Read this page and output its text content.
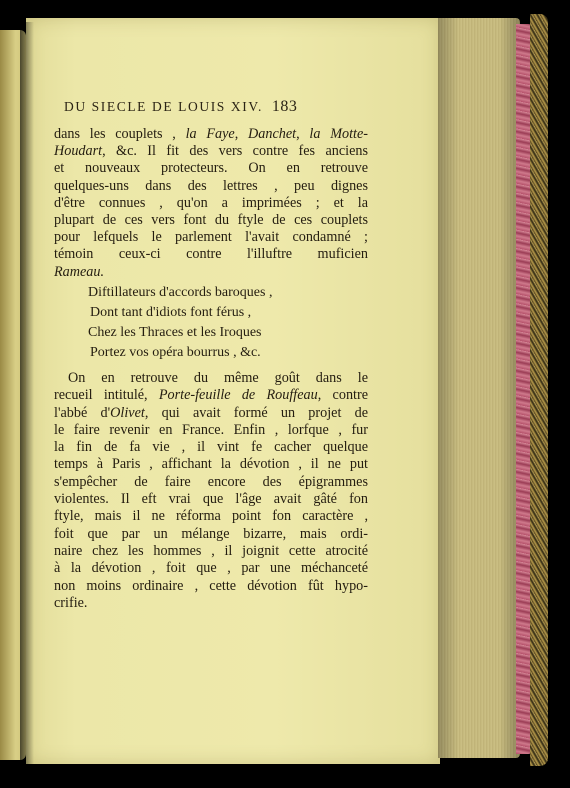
DU SIECLE DE LOUIS XIV. 183
dans les couplets , la Faye, Danchet, la Motte-
Houdart, &c. Il fit des vers contre fes anciens
et nouveaux protecteurs. On en retrouve
quelques-uns dans des lettres , peu dignes
d'être connues , qu'on a imprimées ; et la
plupart de ces vers font du ftyle de ces couplets
pour lefquels le parlement l'avait condamné ;
témoin ceux-ci contre l'illuftre muficien
Rameau.
Diftillateurs d'accords baroques ,
Dont tant d'idiots font férus ,
Chez les Thraces et les Iroques
Portez vos opéra bourrus , &c.
On en retrouve du même goût dans le
recueil intitulé, Porte-feuille de Rouffeau, contre
l'abbé d'Olivet, qui avait formé un projet de
le faire revenir en France. Enfin , lorfque , fur
la fin de fa vie , il vint fe cacher quelque
temps à Paris , affichant la dévotion , il ne put
s'empêcher de faire encore des épigrammes
violentes. Il eft vrai que l'âge avait gâté fon
ftyle, mais il ne réforma point fon caractère ,
foit que par un mélange bizarre, mais ordi-
naire chez les hommes , il joignit cette atrocité
à la dévotion , foit que , par une méchanceté
non moins ordinaire , cette dévotion fût hypo-
crifie.
